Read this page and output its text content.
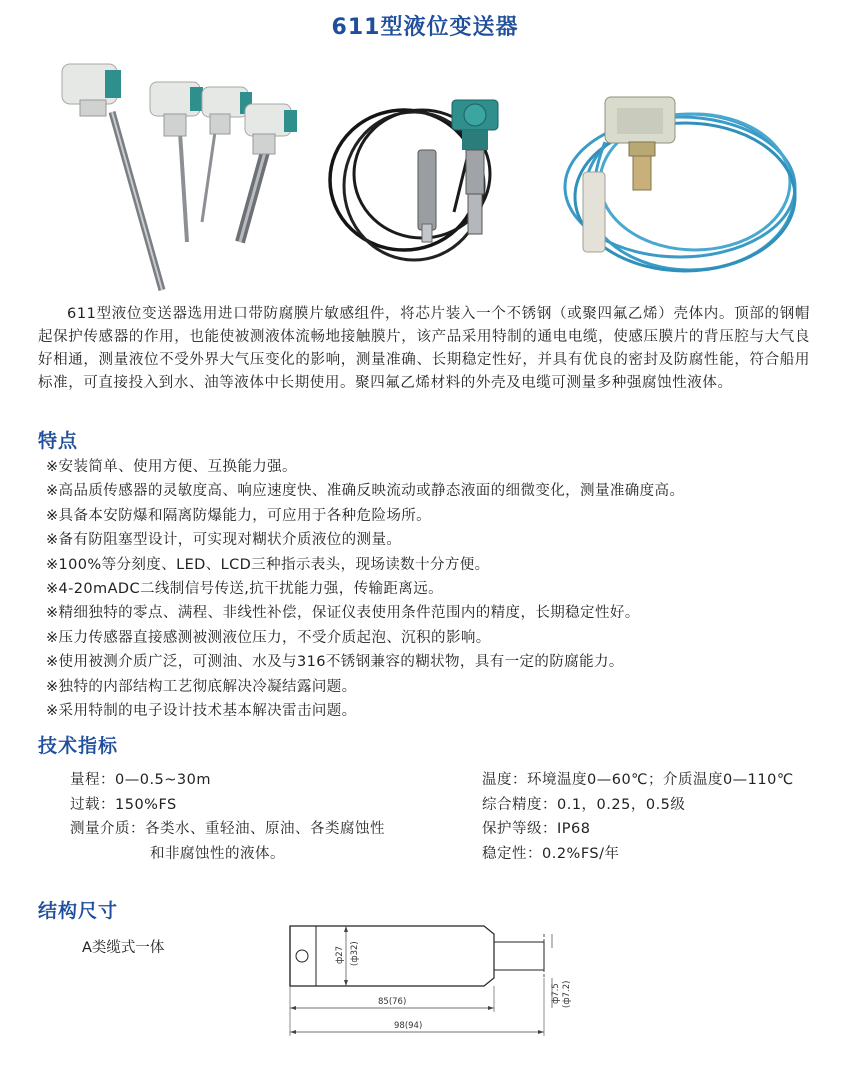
611型液位变送器

611型液位变送器选用进口带防腐膜片敏感组件，将芯片装入一个不锈钢（或聚四氟乙烯）壳体内。顶部的钢帽起保护传感器的作用，也能使被测液体流畅地接触膜片，该产品采用特制的通电电缆，使感压膜片的背压腔与大气良好相通，测量液位不受外界大气压变化的影响，测量准确、长期稳定性好，并具有优良的密封及防腐性能，符合船用标准，可直接投入到水、油等液体中长期使用。聚四氟乙烯材料的外壳及电缆可测量多种强腐蚀性液体。

特点
※安装简单、使用方便、互换能力强。
※高品质传感器的灵敏度高、响应速度快、准确反映流动或静态液面的细微变化，测量准确度高。
※具备本安防爆和隔离防爆能力，可应用于各种危险场所。
※备有防阻塞型设计，可实现对糊状介质液位的测量。
※100%等分刻度、LED、LCD三种指示表头，现场读数十分方便。
※4-20mADC二线制信号传送,抗干扰能力强，传输距离远。
※精细独特的零点、满程、非线性补偿，保证仪表使用条件范围内的精度，长期稳定性好。
※压力传感器直接感测被测液位压力，不受介质起泡、沉积的影响。
※使用被测介质广泛，可测油、水及与316不锈钢兼容的糊状物，具有一定的防腐能力。
※独特的内部结构工艺彻底解决冷凝结露问题。
※采用特制的电子设计技术基本解决雷击问题。
技术指标
量程：0—0.5~30m
过载：150%FS
测量介质：各类水、重轻油、原油、各类腐蚀性
和非腐蚀性的液体。
温度：环境温度0—60℃；介质温度0—110℃
综合精度：0.1，0.25，0.5级
保护等级：IP68
稳定性：0.2%FS/年
结构尺寸
A类缆式一体	ф27 (ф32)
ф7.5 (ф7.2)
85(76)
98(94)
